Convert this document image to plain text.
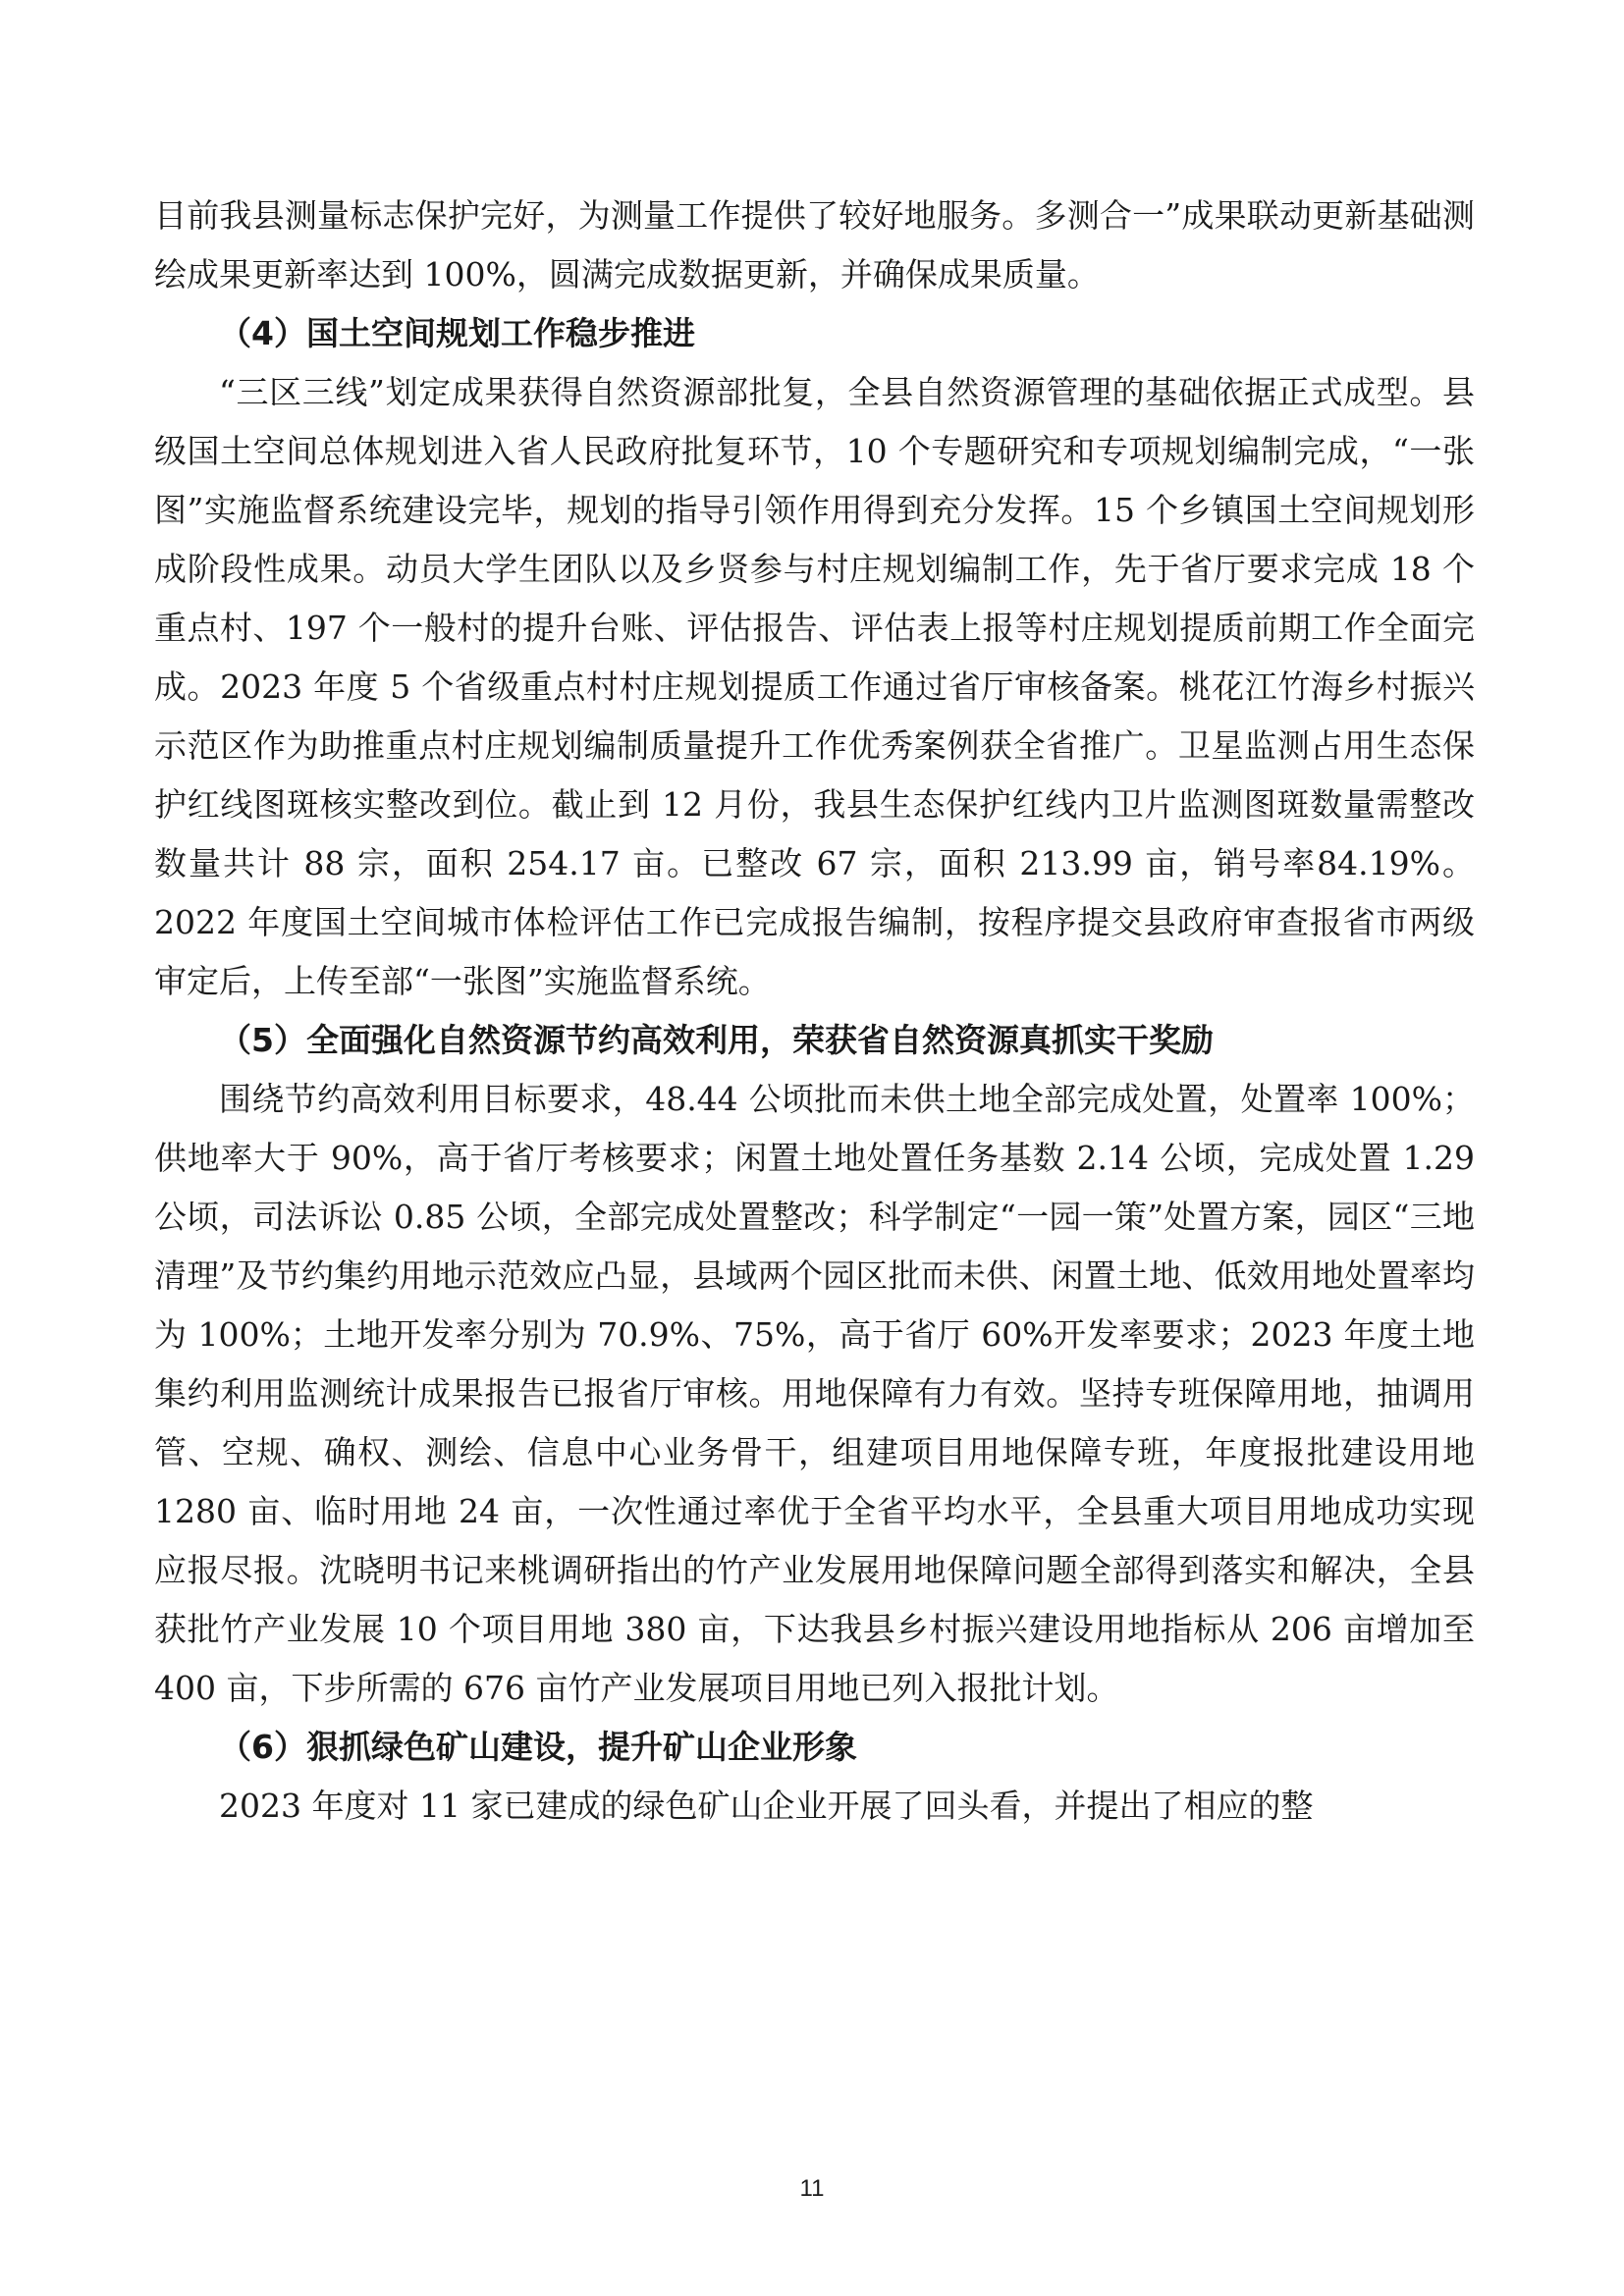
目前我县测量标志保护完好，为测量工作提供了较好地服务。多测合一”成果联动更新基础测绘成果更新率达到 100%，圆满完成数据更新，并确保成果质量。

（4）国土空间规划工作稳步推进

“三区三线”划定成果获得自然资源部批复，全县自然资源管理的基础依据正式成型。县级国土空间总体规划进入省人民政府批复环节，10 个专题研究和专项规划编制完成，“一张图”实施监督系统建设完毕，规划的指导引领作用得到充分发挥。15 个乡镇国土空间规划形成阶段性成果。动员大学生团队以及乡贤参与村庄规划编制工作，先于省厅要求完成 18 个重点村、197 个一般村的提升台账、评估报告、评估表上报等村庄规划提质前期工作全面完成。2023 年度 5 个省级重点村村庄规划提质工作通过省厅审核备案。桃花江竹海乡村振兴示范区作为助推重点村庄规划编制质量提升工作优秀案例获全省推广。卫星监测占用生态保护红线图斑核实整改到位。截止到 12 月份，我县生态保护红线内卫片监测图斑数量需整改数量共计 88 宗，面积 254.17 亩。已整改 67 宗，面积 213.99 亩，销号率84.19%。2022 年度国土空间城市体检评估工作已完成报告编制，按程序提交县政府审查报省市两级审定后，上传至部“一张图”实施监督系统。

（5）全面强化自然资源节约高效利用，荣获省自然资源真抓实干奖励

围绕节约高效利用目标要求，48.44 公顷批而未供土地全部完成处置，处置率 100%；供地率大于 90%，高于省厅考核要求；闲置土地处置任务基数 2.14 公顷，完成处置 1.29 公顷，司法诉讼 0.85 公顷，全部完成处置整改；科学制定“一园一策”处置方案，园区“三地清理”及节约集约用地示范效应凸显，县域两个园区批而未供、闲置土地、低效用地处置率均为 100%；土地开发率分别为 70.9%、75%，高于省厅 60%开发率要求；2023 年度土地集约利用监测统计成果报告已报省厅审核。用地保障有力有效。坚持专班保障用地，抽调用管、空规、确权、测绘、信息中心业务骨干，组建项目用地保障专班，年度报批建设用地 1280 亩、临时用地 24 亩，一次性通过率优于全省平均水平，全县重大项目用地成功实现应报尽报。沈晓明书记来桃调研指出的竹产业发展用地保障问题全部得到落实和解决，全县获批竹产业发展 10 个项目用地 380 亩，下达我县乡村振兴建设用地指标从 206 亩增加至 400 亩，下步所需的 676 亩竹产业发展项目用地已列入报批计划。

（6）狠抓绿色矿山建设，提升矿山企业形象

2023 年度对 11 家已建成的绿色矿山企业开展了回头看，并提出了相应的整

11
